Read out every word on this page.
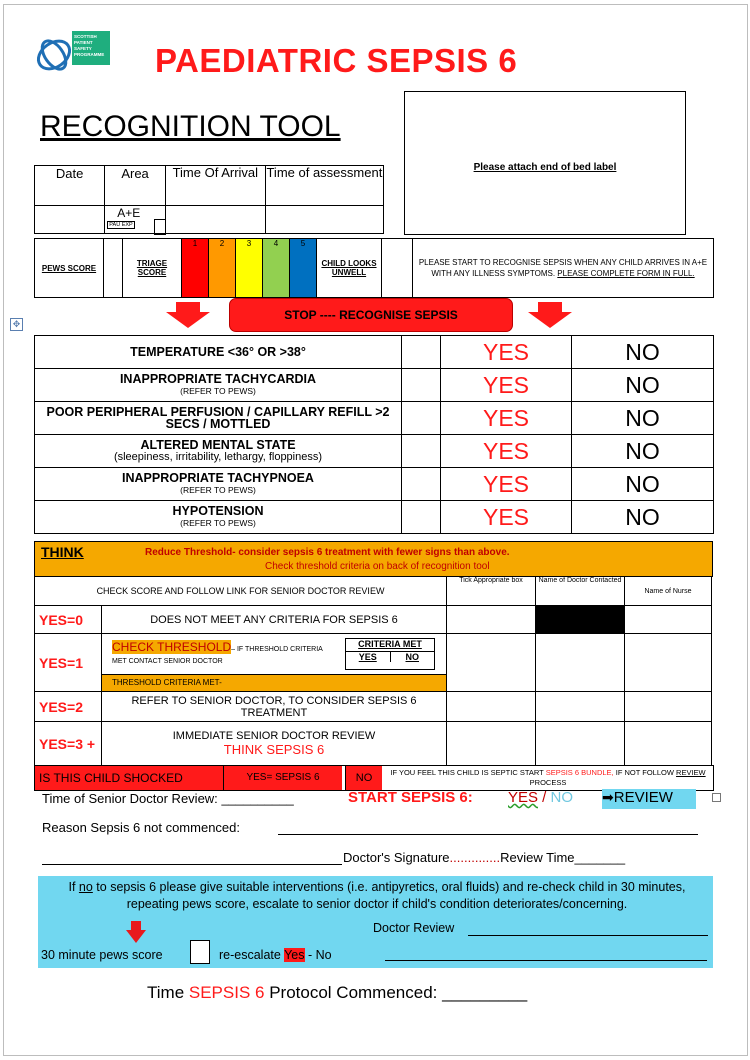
SCOTTISH
PATIENT
SAFETY
PROGRAMME PAEDIATRIC SEPSIS 6
RECOGNITION TOOL
Please attach end of bed label
Date	Area	Time Of Arrival	Time of assessment

	A+E
PAU EXP		

PEWS SCORE		TRIAGE SCORE	1	2	3	4	5	CHILD LOOKS UNWELL		PLEASE START TO RECOGNISE SEPSIS WHEN ANY CHILD ARRIVES IN A+E WITH ANY ILLNESS SYMPTOMS. PLEASE COMPLETE FORM IN FULL.
STOP ---- RECOGNISE SEPSIS
✥
TEMPERATURE <36° OR >38°		YES	NO
INAPPROPRIATE TACHYCARDIA
(REFER TO PEWS)		YES	NO
POOR PERIPHERAL PERFUSION / CAPILLARY REFILL >2 SECS / MOTTLED		YES	NO
ALTERED MENTAL STATE
(sleepiness, irritability, lethargy, floppiness)		YES	NO
INAPPROPRIATE TACHYPNOEA
(REFER TO PEWS)		YES	NO
HYPOTENSION
(REFER TO PEWS)		YES	NO
THINK	Reduce Threshold- consider sepsis 6 treatment with fewer signs than above.
Check threshold criteria on back of recognition tool
CHECK SCORE AND FOLLOW LINK FOR SENIOR DOCTOR REVIEW		Tick Appropriate box	Name of Doctor Contacted	Name of Nurse
YES=0	DOES NOT MEET ANY CRITERIA FOR SEPSIS 6			
YES=1	CHECK THRESHOLD– IF THRESHOLD CRITERIA MET CONTACT SENIOR DOCTOR
CRITERIA MET
YES NO
THRESHOLD CRITERIA MET-			

YES=2	REFER TO SENIOR DOCTOR, TO CONSIDER SEPSIS 6 TREATMENT			
YES=3 +	IMMEDIATE SENIOR DOCTOR REVIEW
THINK SEPSIS 6			

IS THIS CHILD SHOCKED	YES= SEPSIS 6	NO	IF YOU FEEL THIS CHILD IS SEPTIC START SEPSIS 6 BUNDLE, IF NOT FOLLOW REVIEW PROCESS
Time of Senior Doctor Review: __________	START SEPSIS 6: YES / NO ➡REVIEW
Reason Sepsis 6 not commenced:
Doctor's Signature..............Review Time_______
If no to sepsis 6 please give suitable interventions (i.e. antipyretics, oral fluids) and re-check child in 30 minutes, repeating pews score, escalate to senior doctor if child's condition deteriorates/concerning.
Doctor Review
30 minute pews score	re-escalate Yes - No
Time SEPSIS 6 Protocol Commenced: _________
